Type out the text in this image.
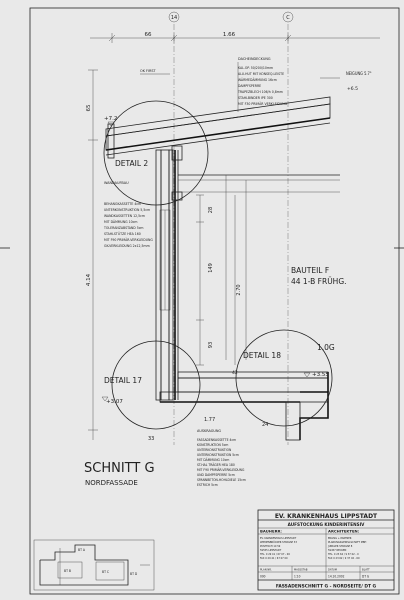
14	C
66	1.66
65
4.14
+7.2
OK FIRST
NEIGUNG 5.7°
+6.5
DACHEINDECKUNG
KAL.OP. 50/200/10mm
ALU-HUT MIT KONSEQ.LEISTE
WÄRMEDÄMMUNG 16cm
DAMPFSPERRE
TRAPEZBLECH 106/h 0,8mm
STAHLBINDER IPE 300
MIT F30 PRIMÄR VERKLEIDUNG
28
149
93
2.70
42
24
33
+3.55
+3.07
1.77
DETAIL 2
DETAIL 17
DETAIL 18
BAUTEIL F
44 1-B FRÜHG.
1.0G
SCHNITT G
NORDFASSADE
WANDAUFBAU
BEHANGKASSETTE 4cm
UNTERKONSTRUKTION 5,5cm
WANDKASSETTEN 12,5cm
MIT DÄMMUNG 10cm
TOLERANZABSTAND 5cm
STAHLSTÜTZE HEA 160
MIT F90 PRIMÄR-VERKLEIDUNG
GK-VERKLEIDUNG 2x12,5mm
AUSKRAGUNG
FASSADENKASSETTE 4cm
KONSTRUKTION 5cm
UNTERKONSTRUKTION
UNTERKONSTRUKTION 5cm
MIT DÄMMUNG 10cm
ST.HAL TRÄGER HEA 180
MIT F90 PRIMÄR-VERKLEIDUNG
UND DAMPFSPERRE 5cm
SPANNBETON-HOHLDIELE 15cm
ESTRICH 5cm
EV. KRANKENHAUS LIPPSTADT
AUFSTOCKUNG KINDERINTENSIV
BAUHERR:	ARCHITEKTEN:
EV. KRANKENHAUS LIPPSTADT
WIEDENBRÜCKER STRASSE 33
POSTFACH 10 59
59555 LIPPSTADT
TEL. 0 29 41 / 67 07 - 00
FAX 0 29 41 / 67 07 00
ERLING + PARTNER
PLANUNGSGESELLSCHAFT MBH
JUNKLER STRASSE 8
59457 RECKEN
TEL. 0 23 62 / 9 37 02 - 0
FAX 0 23 62 / 9 37 02 - 69
PLAN NR.	MASSSTAB	DATUM	BLATT
000	1:10	14.10.2002	DT G
FASSADENSCHNITT G - NORDSEITE/ DT G
BT A
BT B	BT C	BT D
